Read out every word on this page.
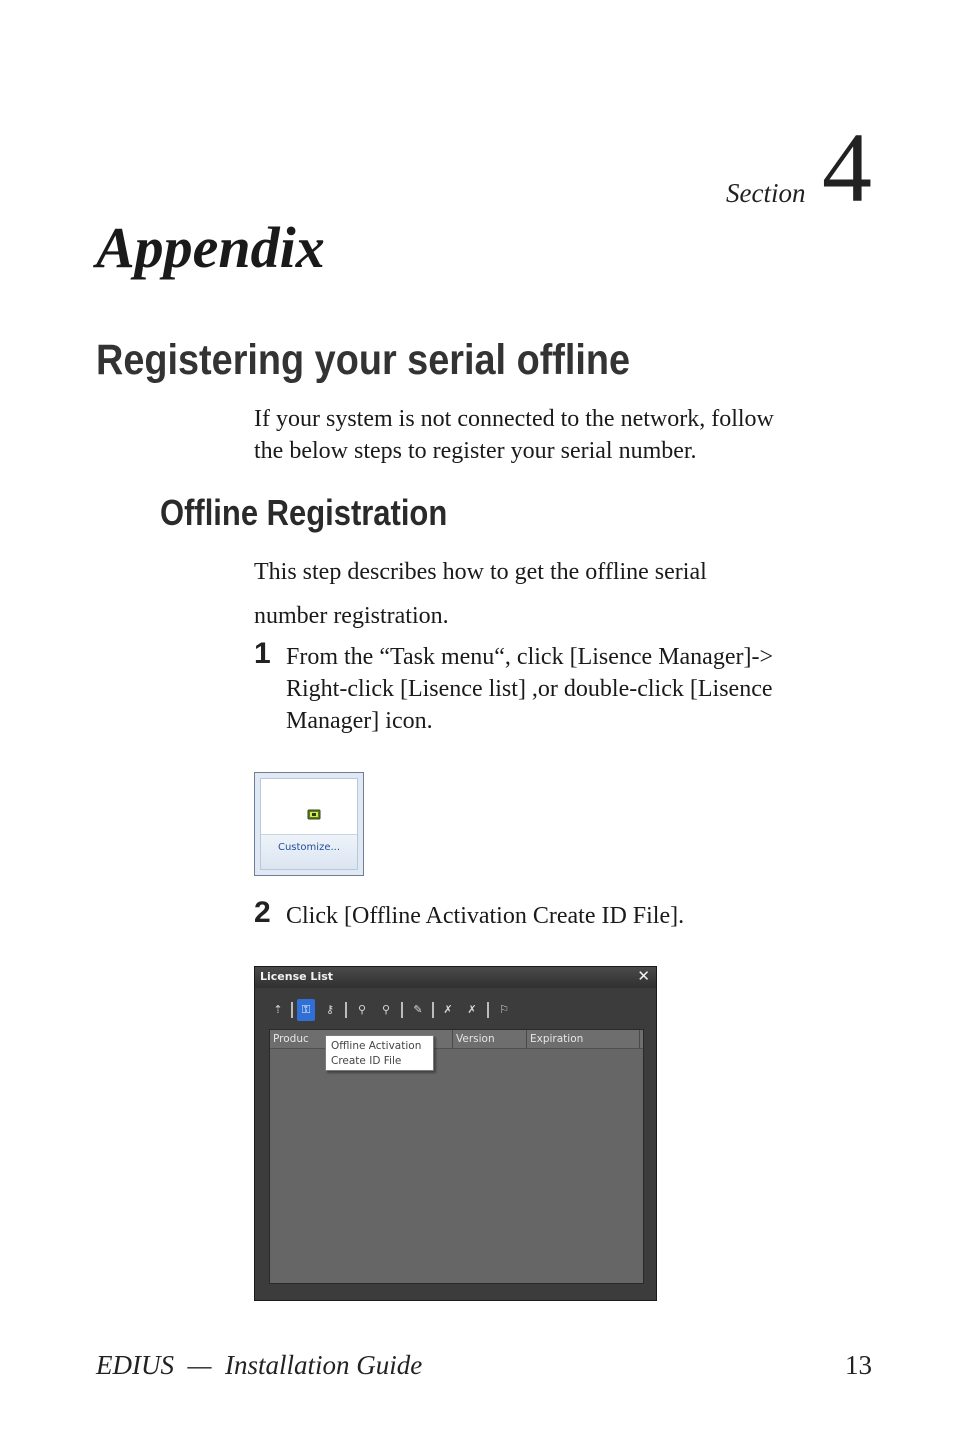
Section 4
Appendix
Registering your serial offline
If your system is not connected to the network, follow
the below steps to register your serial number.
Offline Registration
This step describes how to get the offline serial
number registration.
1 From the “Task menu“, click [Lisence Manager]->
Right-click [Lisence list] ,or double-click [Lisence
Manager] icon.
Customize...
2 Click [Offline Activation Create ID File].
License List	✕
⇡	⚿	⚷	⚲	⚲	✎	✗	✗	⚐
Produc	Version	Expiration
Offline Activation
Create ID File
EDIUS  —  Installation Guide	13
